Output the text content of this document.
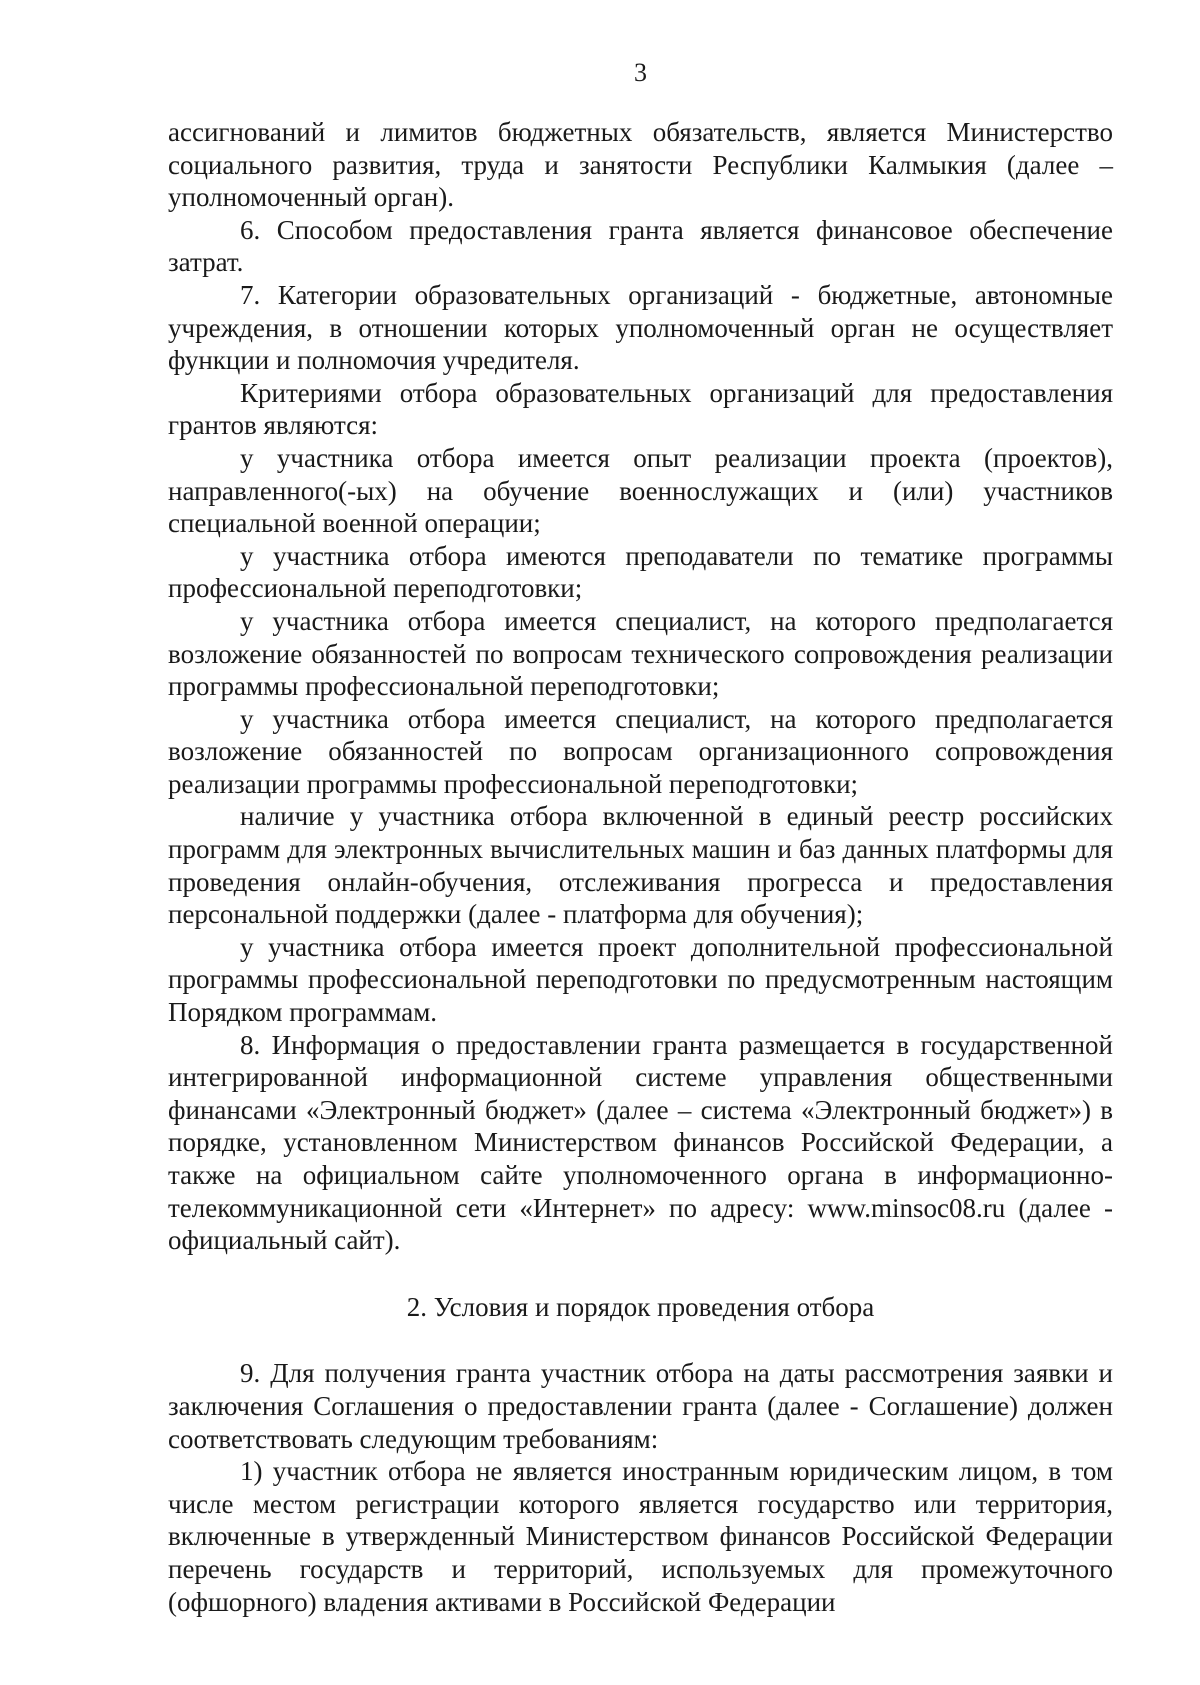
3

ассигнований и лимитов бюджетных обязательств, является Министерство социального развития, труда и занятости Республики Калмыкия (далее – уполномоченный орган).

6. Способом предоставления гранта является финансовое обеспечение затрат.

7. Категории образовательных организаций - бюджетные, автономные учреждения, в отношении которых уполномоченный орган не осуществляет функции и полномочия учредителя.

Критериями отбора образовательных организаций для предоставления грантов являются:

у участника отбора имеется опыт реализации проекта (проектов), направленного(-ых) на обучение военнослужащих и (или) участников специальной военной операции;

у участника отбора имеются преподаватели по тематике программы профессиональной переподготовки;

у участника отбора имеется специалист, на которого предполагается возложение обязанностей по вопросам технического сопровождения реализации программы профессиональной переподготовки;

у участника отбора имеется специалист, на которого предполагается возложение обязанностей по вопросам организационного сопровождения реализации программы профессиональной переподготовки;

наличие у участника отбора включенной в единый реестр российских программ для электронных вычислительных машин и баз данных платформы для проведения онлайн-обучения, отслеживания прогресса и предоставления персональной поддержки (далее - платформа для обучения);

у участника отбора имеется проект дополнительной профессиональной программы профессиональной переподготовки по предусмотренным настоящим Порядком программам.

8. Информация о предоставлении гранта размещается в государственной интегрированной информационной системе управления общественными финансами «Электронный бюджет» (далее – система «Электронный бюджет») в порядке, установленном Министерством финансов Российской Федерации, а также на официальном сайте уполномоченного органа в информационно-телекоммуникационной сети «Интернет» по адресу: www.minsoc08.ru (далее - официальный сайт).

2. Условия и порядок проведения отбора

9. Для получения гранта участник отбора на даты рассмотрения заявки и заключения Соглашения о предоставлении гранта (далее - Соглашение) должен соответствовать следующим требованиям:

1) участник отбора не является иностранным юридическим лицом, в том числе местом регистрации которого является государство или территория, включенные в утвержденный Министерством финансов Российской Федерации перечень государств и территорий, используемых для промежуточного (офшорного) владения активами в Российской Федерации
